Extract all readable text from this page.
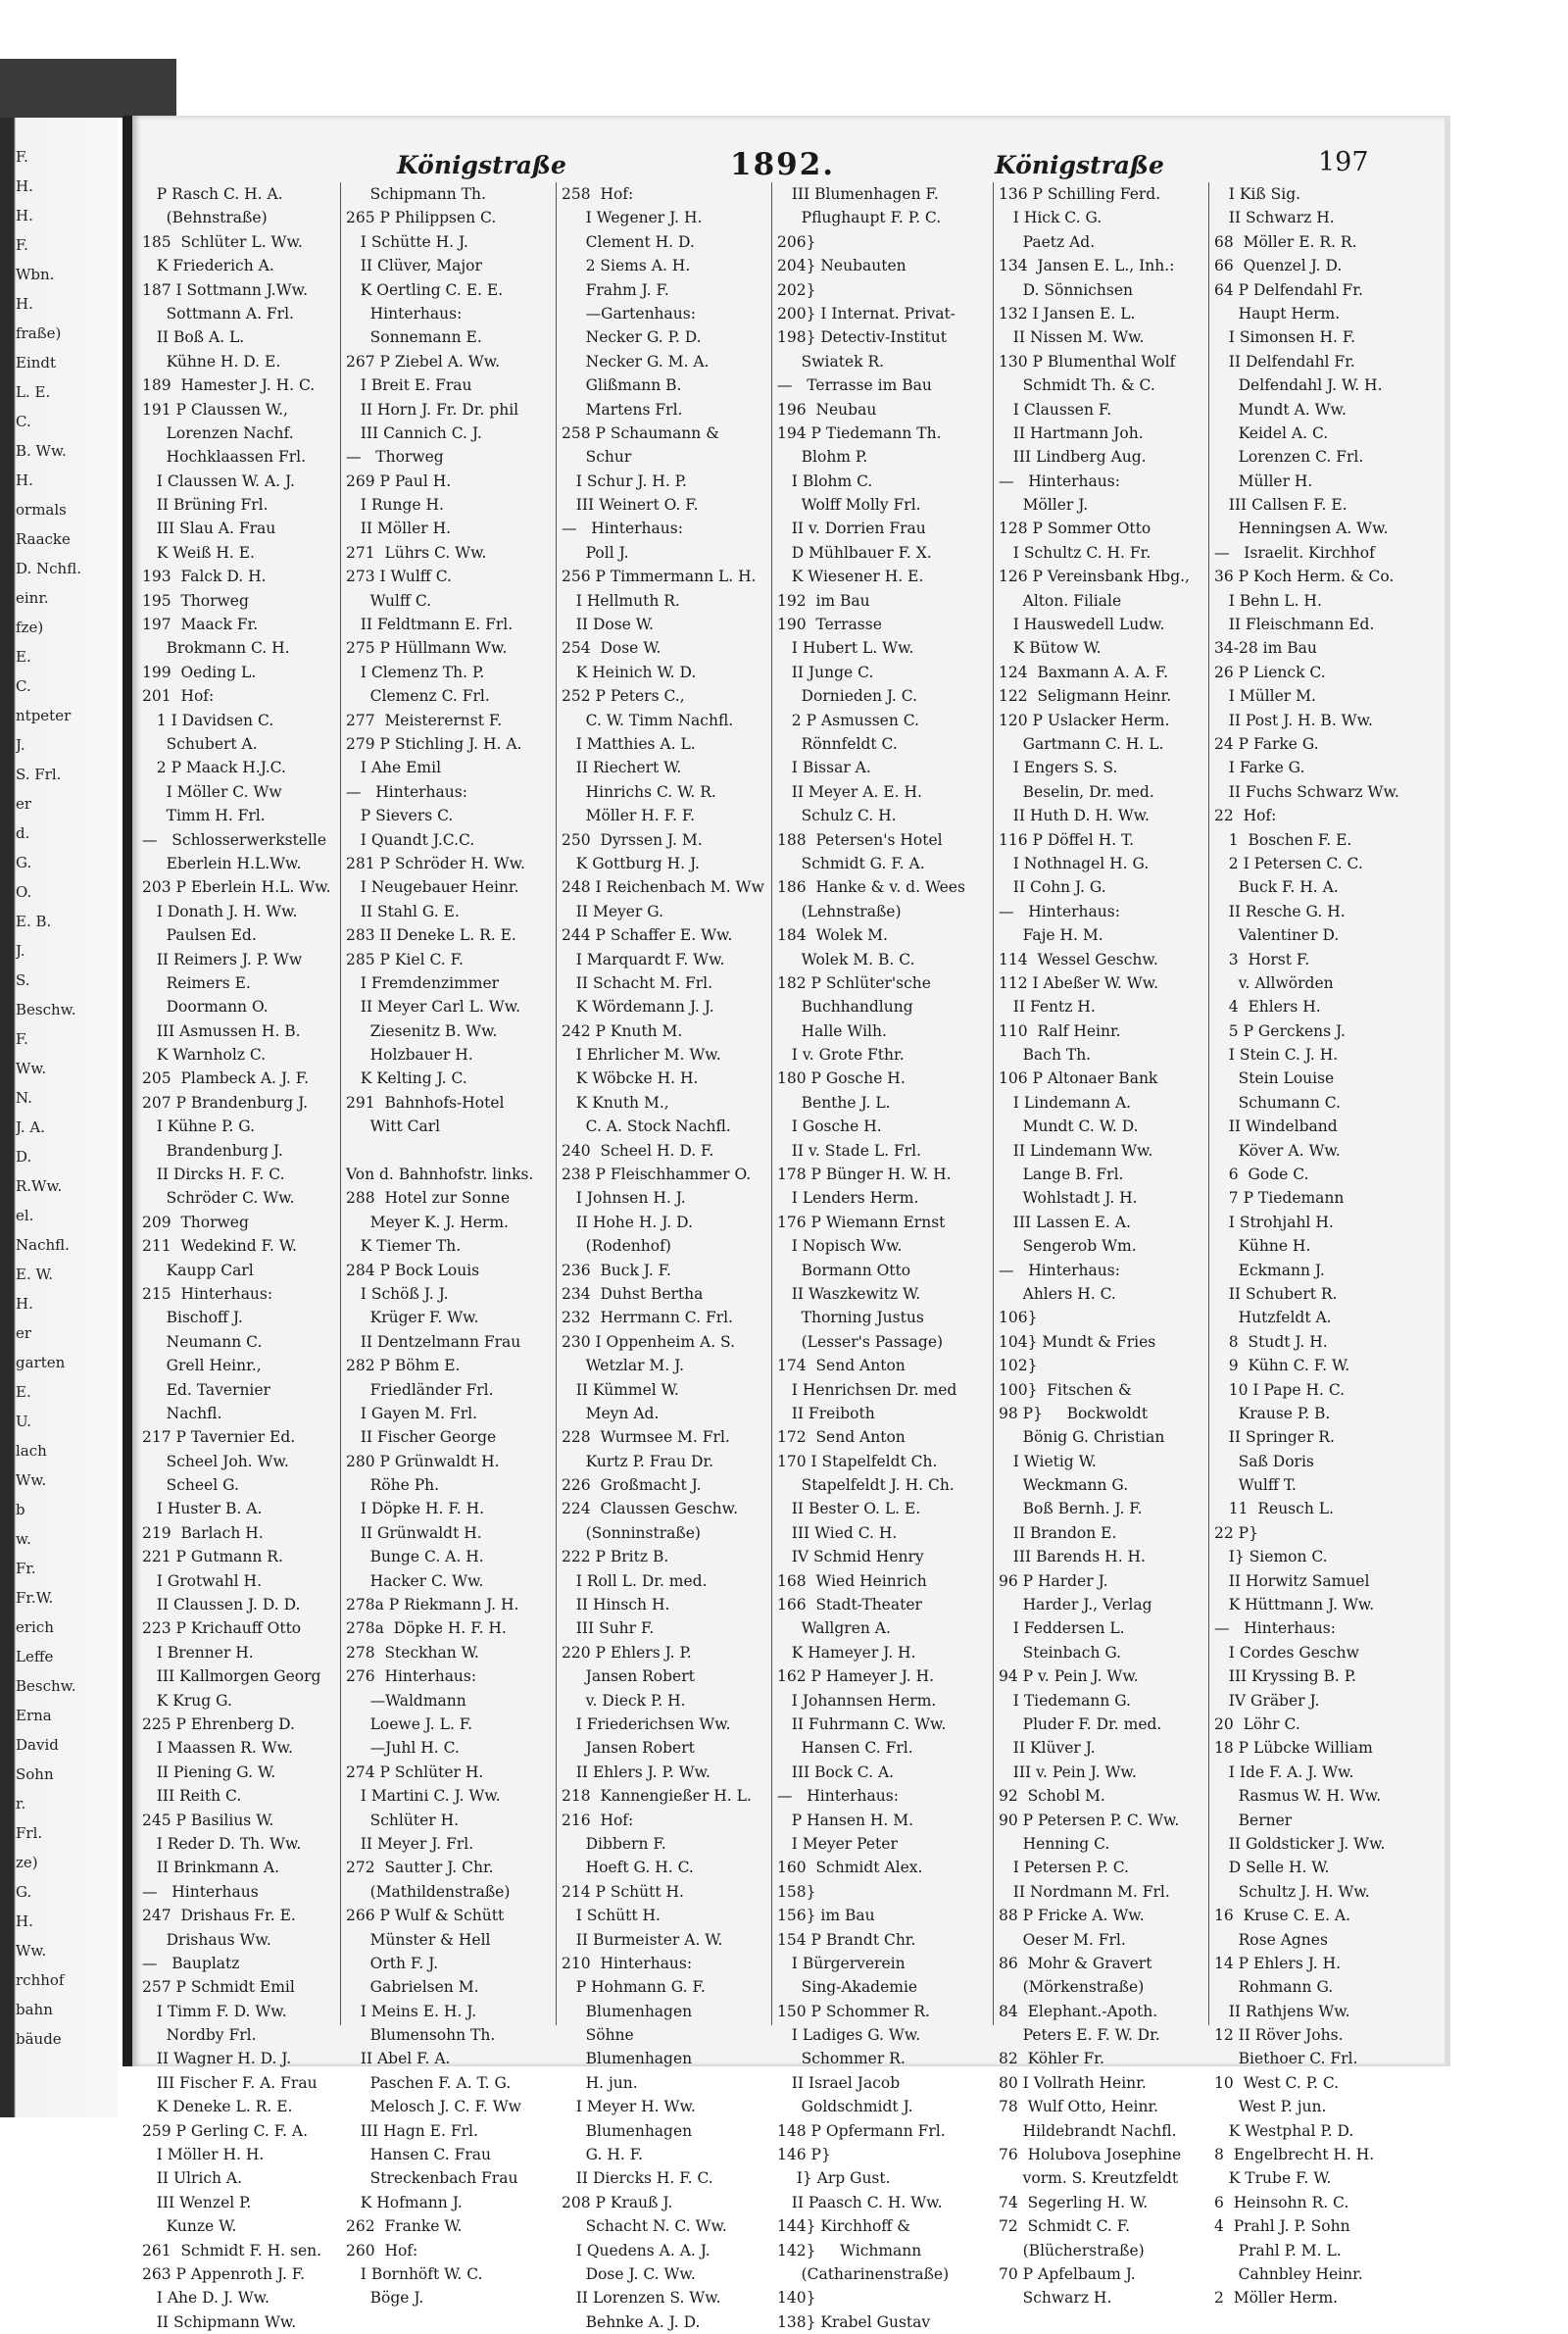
F.
H.
H.
F.
Wbn.
H.
fraße)
Eindt
L. E.
C.
B. Ww.
H.
ormals
Raacke
D. Nchfl.
einr.
fze)
E.
C.
ntpeter
J.
S. Frl.
er
d.
G.
O.
E. B.
J.
S.
Beschw.
F.
Ww.
N.
J. A.
D.
R.Ww.
el.
Nachfl.
E. W.
H.
er
garten
E.
U.
lach
Ww.
b
w.
Fr.
Fr.W.
erich
Leffe
Beschw.
Erna
David
Sohn
r.
Frl.
ze)
G.
H.
Ww.
rchhof
bahn
bäude
Königstraße	1892.	Königstraße	197
P Rasch C. H. A.
(Behnstraße)
185  Schlüter L. Ww.
K Friederich A.
187 I Sottmann J.Ww.
Sottmann A. Frl.
II Boß A. L.
Kühne H. D. E.
189  Hamester J. H. C.
191 P Claussen W.,
Lorenzen Nachf.
Hochklaassen Frl.
I Claussen W. A. J.
II Brüning Frl.
III Slau A. Frau
K Weiß H. E.
193  Falck D. H.
195  Thorweg
197  Maack Fr.
Brokmann C. H.
199  Oeding L.
201  Hof:
1 I Davidsen C.
Schubert A.
2 P Maack H.J.C.
I Möller C. Ww
Timm H. Frl.
—   Schlosserwerkstelle
Eberlein H.L.Ww.
203 P Eberlein H.L. Ww.
I Donath J. H. Ww.
Paulsen Ed.
II Reimers J. P. Ww
Reimers E.
Doormann O.
III Asmussen H. B.
K Warnholz C.
205  Plambeck A. J. F.
207 P Brandenburg J.
I Kühne P. G.
Brandenburg J.
II Dircks H. F. C.
Schröder C. Ww.
209  Thorweg
211  Wedekind F. W.
Kaupp Carl
215  Hinterhaus:
Bischoff J.
Neumann C.
Grell Heinr.,
Ed. Tavernier
Nachfl.
217 P Tavernier Ed.
Scheel Joh. Ww.
Scheel G.
I Huster B. A.
219  Barlach H.
221 P Gutmann R.
I Grotwahl H.
II Claussen J. D. D.
223 P Krichauff Otto
I Brenner H.
III Kallmorgen Georg
K Krug G.
225 P Ehrenberg D.
I Maassen R. Ww.
II Piening G. W.
III Reith C.
245 P Basilius W.
I Reder D. Th. Ww.
II Brinkmann A.
—   Hinterhaus
247  Drishaus Fr. E.
Drishaus Ww.
—   Bauplatz
257 P Schmidt Emil
I Timm F. D. Ww.
Nordby Frl.
II Wagner H. D. J.
III Fischer F. A. Frau
K Deneke L. R. E.
259 P Gerling C. F. A.
I Möller H. H.
II Ulrich A.
III Wenzel P.
Kunze W.
261  Schmidt F. H. sen.
263 P Appenroth J. F.
I Ahe D. J. Ww.
II Schipmann Ww.
Schipmann Th.
265 P Philippsen C.
I Schütte H. J.
II Clüver, Major
K Oertling C. E. E.
Hinterhaus:
Sonnemann E.
267 P Ziebel A. Ww.
I Breit E. Frau
II Horn J. Fr. Dr. phil
III Cannich C. J.
—   Thorweg
269 P Paul H.
I Runge H.
II Möller H.
271  Lührs C. Ww.
273 I Wulff C.
Wulff C.
II Feldtmann E. Frl.
275 P Hüllmann Ww.
I Clemenz Th. P.
Clemenz C. Frl.
277  Meisterernst F.
279 P Stichling J. H. A.
I Ahe Emil
—   Hinterhaus:
P Sievers C.
I Quandt J.C.C.
281 P Schröder H. Ww.
I Neugebauer Heinr.
II Stahl G. E.
283 II Deneke L. R. E.
285 P Kiel C. F.
I Fremdenzimmer
II Meyer Carl L. Ww.
Ziesenitz B. Ww.
Holzbauer H.
K Kelting J. C.
291  Bahnhofs-Hotel
Witt Carl
Von d. Bahnhofstr. links.
288  Hotel zur Sonne
Meyer K. J. Herm.
K Tiemer Th.
284 P Bock Louis
I Schöß J. J.
Krüger F. Ww.
II Dentzelmann Frau
282 P Böhm E.
Friedländer Frl.
I Gayen M. Frl.
II Fischer George
280 P Grünwaldt H.
Röhe Ph.
I Döpke H. F. H.
II Grünwaldt H.
Bunge C. A. H.
Hacker C. Ww.
278a P Riekmann J. H.
278a  Döpke H. F. H.
278  Steckhan W.
276  Hinterhaus:
—Waldmann
Loewe J. L. F.
—Juhl H. C.
274 P Schlüter H.
I Martini C. J. Ww.
Schlüter H.
II Meyer J. Frl.
272  Sautter J. Chr.
(Mathildenstraße)
266 P Wulf & Schütt
Münster & Hell
Orth F. J.
Gabrielsen M.
I Meins E. H. J.
Blumensohn Th.
II Abel F. A.
Paschen F. A. T. G.
Melosch J. C. F. Ww
III Hagn E. Frl.
Hansen C. Frau
Streckenbach Frau
K Hofmann J.
262  Franke W.
260  Hof:
I Bornhöft W. C.
Böge J.
258  Hof:
I Wegener J. H.
Clement H. D.
2 Siems A. H.
Frahm J. F.
—Gartenhaus:
Necker G. P. D.
Necker G. M. A.
Glißmann B.
Martens Frl.
258 P Schaumann &
Schur
I Schur J. H. P.
III Weinert O. F.
—   Hinterhaus:
Poll J.
256 P Timmermann L. H.
I Hellmuth R.
II Dose W.
254  Dose W.
K Heinich W. D.
252 P Peters C.,
C. W. Timm Nachfl.
I Matthies A. L.
II Riechert W.
Hinrichs C. W. R.
Möller H. F. F.
250  Dyrssen J. M.
K Gottburg H. J.
248 I Reichenbach M. Ww
II Meyer G.
244 P Schaffer E. Ww.
I Marquardt F. Ww.
II Schacht M. Frl.
K Wördemann J. J.
242 P Knuth M.
I Ehrlicher M. Ww.
K Wöbcke H. H.
K Knuth M.,
C. A. Stock Nachfl.
240  Scheel H. D. F.
238 P Fleischhammer O.
I Johnsen H. J.
II Hohe H. J. D.
(Rodenhof)
236  Buck J. F.
234  Duhst Bertha
232  Herrmann C. Frl.
230 I Oppenheim A. S.
Wetzlar M. J.
II Kümmel W.
Meyn Ad.
228  Wurmsee M. Frl.
Kurtz P. Frau Dr.
226  Großmacht J.
224  Claussen Geschw.
(Sonninstraße)
222 P Britz B.
I Roll L. Dr. med.
II Hinsch H.
III Suhr F.
220 P Ehlers J. P.
Jansen Robert
v. Dieck P. H.
I Friederichsen Ww.
Jansen Robert
II Ehlers J. P. Ww.
218  Kannengießer H. L.
216  Hof:
Dibbern F.
Hoeft G. H. C.
214 P Schütt H.
I Schütt H.
II Burmeister A. W.
210  Hinterhaus:
P Hohmann G. F.
Blumenhagen
Söhne
Blumenhagen
H. jun.
I Meyer H. Ww.
Blumenhagen
G. H. F.
II Diercks H. F. C.
208 P Krauß J.
Schacht N. C. Ww.
I Quedens A. A. J.
Dose J. C. Ww.
II Lorenzen S. Ww.
Behnke A. J. D.
III Blumenhagen F.
Pflughaupt F. P. C.
206}
204} Neubauten
202}
200} I Internat. Privat-
198} Detectiv-Institut
Swiatek R.
—   Terrasse im Bau
196  Neubau
194 P Tiedemann Th.
Blohm P.
I Blohm C.
Wolff Molly Frl.
II v. Dorrien Frau
D Mühlbauer F. X.
K Wiesener H. E.
192  im Bau
190  Terrasse
I Hubert L. Ww.
II Junge C.
Dornieden J. C.
2 P Asmussen C.
Rönnfeldt C.
I Bissar A.
II Meyer A. E. H.
Schulz C. H.
188  Petersen's Hotel
Schmidt G. F. A.
186  Hanke & v. d. Wees
(Lehnstraße)
184  Wolek M.
Wolek M. B. C.
182 P Schlüter'sche
Buchhandlung
Halle Wilh.
I v. Grote Fthr.
180 P Gosche H.
Benthe J. L.
I Gosche H.
II v. Stade L. Frl.
178 P Bünger H. W. H.
I Lenders Herm.
176 P Wiemann Ernst
I Nopisch Ww.
Bormann Otto
II Waszkewitz W.
Thorning Justus
(Lesser's Passage)
174  Send Anton
I Henrichsen Dr. med
II Freiboth
172  Send Anton
170 I Stapelfeldt Ch.
Stapelfeldt J. H. Ch.
II Bester O. L. E.
III Wied C. H.
IV Schmid Henry
168  Wied Heinrich
166  Stadt-Theater
Wallgren A.
K Hameyer J. H.
162 P Hameyer J. H.
I Johannsen Herm.
II Fuhrmann C. Ww.
Hansen C. Frl.
III Bock C. A.
—   Hinterhaus:
P Hansen H. M.
I Meyer Peter
160  Schmidt Alex.
158}
156} im Bau
154 P Brandt Chr.
I Bürgerverein
Sing-Akademie
150 P Schommer R.
I Ladiges G. Ww.
Schommer R.
II Israel Jacob
Goldschmidt J.
148 P Opfermann Frl.
146 P}
I} Arp Gust.
II Paasch C. H. Ww.
144} Kirchhoff &
142}     Wichmann
(Catharinenstraße)
140}
138} Krabel Gustav
136 P Schilling Ferd.
I Hick C. G.
Paetz Ad.
134  Jansen E. L., Inh.:
D. Sönnichsen
132 I Jansen E. L.
II Nissen M. Ww.
130 P Blumenthal Wolf
Schmidt Th. & C.
I Claussen F.
II Hartmann Joh.
III Lindberg Aug.
—   Hinterhaus:
Möller J.
128 P Sommer Otto
I Schultz C. H. Fr.
126 P Vereinsbank Hbg.,
Alton. Filiale
I Hauswedell Ludw.
K Bütow W.
124  Baxmann A. A. F.
122  Seligmann Heinr.
120 P Uslacker Herm.
Gartmann C. H. L.
I Engers S. S.
Beselin, Dr. med.
II Huth D. H. Ww.
116 P Döffel H. T.
I Nothnagel H. G.
II Cohn J. G.
—   Hinterhaus:
Faje H. M.
114  Wessel Geschw.
112 I Abeßer W. Ww.
II Fentz H.
110  Ralf Heinr.
Bach Th.
106 P Altonaer Bank
I Lindemann A.
Mundt C. W. D.
II Lindemann Ww.
Lange B. Frl.
Wohlstadt J. H.
III Lassen E. A.
Sengerob Wm.
—   Hinterhaus:
Ahlers H. C.
106}
104} Mundt & Fries
102}
100}  Fitschen &
98 P}     Bockwoldt
Bönig G. Christian
I Wietig W.
Weckmann G.
Boß Bernh. J. F.
II Brandon E.
III Barends H. H.
96 P Harder J.
Harder J., Verlag
I Feddersen L.
Steinbach G.
94 P v. Pein J. Ww.
I Tiedemann G.
Pluder F. Dr. med.
II Klüver J.
III v. Pein J. Ww.
92  Schobl M.
90 P Petersen P. C. Ww.
Henning C.
I Petersen P. C.
II Nordmann M. Frl.
88 P Fricke A. Ww.
Oeser M. Frl.
86  Mohr & Gravert
(Mörkenstraße)
84  Elephant.-Apoth.
Peters E. F. W. Dr.
82  Köhler Fr.
80 I Vollrath Heinr.
78  Wulf Otto, Heinr.
Hildebrandt Nachfl.
76  Holubova Josephine
vorm. S. Kreutzfeldt
74  Segerling H. W.
72  Schmidt C. F.
(Blücherstraße)
70 P Apfelbaum J.
Schwarz H.
I Kiß Sig.
II Schwarz H.
68  Möller E. R. R.
66  Quenzel J. D.
64 P Delfendahl Fr.
Haupt Herm.
I Simonsen H. F.
II Delfendahl Fr.
Delfendahl J. W. H.
Mundt A. Ww.
Keidel A. C.
Lorenzen C. Frl.
Müller H.
III Callsen F. E.
Henningsen A. Ww.
—   Israelit. Kirchhof
36 P Koch Herm. & Co.
I Behn L. H.
II Fleischmann Ed.
34-28 im Bau
26 P Lienck C.
I Müller M.
II Post J. H. B. Ww.
24 P Farke G.
I Farke G.
II Fuchs Schwarz Ww.
22  Hof:
1  Boschen F. E.
2 I Petersen C. C.
Buck F. H. A.
II Resche G. H.
Valentiner D.
3  Horst F.
v. Allwörden
4  Ehlers H.
5 P Gerckens J.
I Stein C. J. H.
Stein Louise
Schumann C.
II Windelband
Köver A. Ww.
6  Gode C.
7 P Tiedemann
I Strohjahl H.
Kühne H.
Eckmann J.
II Schubert R.
Hutzfeldt A.
8  Studt J. H.
9  Kühn C. F. W.
10 I Pape H. C.
Krause P. B.
II Springer R.
Saß Doris
Wulff T.
11  Reusch L.
22 P}
I} Siemon C.
II Horwitz Samuel
K Hüttmann J. Ww.
—   Hinterhaus:
I Cordes Geschw
III Kryssing B. P.
IV Gräber J.
20  Löhr C.
18 P Lübcke William
I Ide F. A. J. Ww.
Rasmus W. H. Ww.
Berner
II Goldsticker J. Ww.
D Selle H. W.
Schultz J. H. Ww.
16  Kruse C. E. A.
Rose Agnes
14 P Ehlers J. H.
Rohmann G.
II Rathjens Ww.
12 II Röver Johs.
Biethoer C. Frl.
10  West C. P. C.
West P. jun.
K Westphal P. D.
8  Engelbrecht H. H.
K Trube F. W.
6  Heinsohn R. C.
4  Prahl J. P. Sohn
Prahl P. M. L.
Cahnbley Heinr.
2  Möller Herm.
